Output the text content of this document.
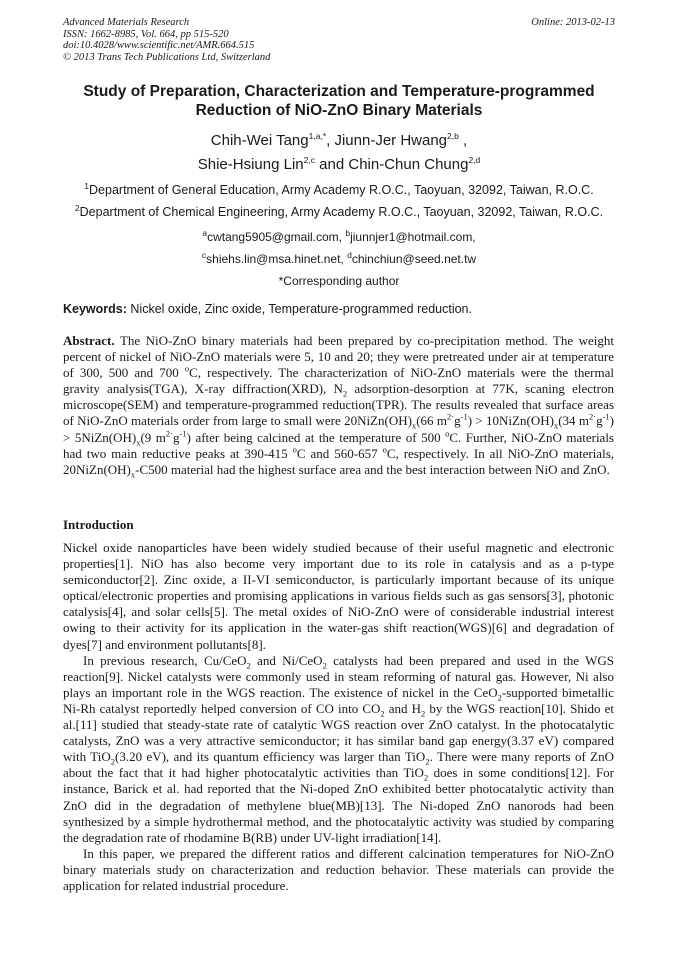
Advanced Materials Research
ISSN: 1662-8985, Vol. 664, pp 515-520
doi:10.4028/www.scientific.net/AMR.664.515
© 2013 Trans Tech Publications Ltd, Switzerland
Online: 2013-02-13
Study of Preparation, Characterization and Temperature-programmed
Reduction of NiO-ZnO Binary Materials
Chih-Wei Tang$^{1,a,*}$, Jiunn-Jer Hwang$^{2,b}$ ,
Shie-Hsiung Lin$^{2,c}$ and Chin-Chun Chung$^{2,d}$
$^1$Department of General Education, Army Academy R.O.C., Taoyuan, 32092, Taiwan, R.O.C.
$^2$Department of Chemical Engineering, Army Academy R.O.C., Taoyuan, 32092, Taiwan, R.O.C.
$^a$cwtang5905@gmail.com, $^b$jiunnjer1@hotmail.com,
$^c$shiehs.lin@msa.hinet.net, $^d$chinchiun@seed.net.tw
*Corresponding author
Keywords: Nickel oxide, Zinc oxide, Temperature-programmed reduction.

Abstract. The NiO-ZnO binary materials had been prepared by co-precipitation method. The weight percent of nickel of NiO-ZnO materials were 5, 10 and 20; they were pretreated under air at temperature of 300, 500 and 700 $^o$C, respectively. The characterization of NiO-ZnO materials were the thermal gravity analysis(TGA), X-ray diffraction(XRD), $N_2$ adsorption-desorption at 77K, scaning electron microscope(SEM) and temperature-programmed reduction(TPR). The results revealed that surface areas of NiO-ZnO materials order from large to small were $20NiZn(OH)_x(66$ $m^{2\cdot}g^{-1}$) > $10NiZn(OH)_x(34$ $m^{2\cdot}g^{-1}$) > $5NiZn(OH)_x(9$ $m^{2\cdot}g^{-1}$) after being calcined at the temperature of 500 $^o$C. Further, NiO-ZnO materials had two main reductive peaks at 390-415 $^o$C and 560-657 $^o$C, respectively. In all NiO-ZnO materials, $20NiZn(OH)_x-C500$ material had the highest surface area and the best interaction between NiO and ZnO.

Introduction

Nickel oxide nanoparticles have been widely studied because of their useful magnetic and electronic properties[1]. NiO has also become very important due to its role in catalysis and as a p-type semiconductor[2]. Zinc oxide, a II-VI semiconductor, is particularly important because of its unique optical/electronic properties and promising applications in various fields such as gas sensors[3], photonic catalysis[4], and solar cells[5]. The metal oxides of NiO-ZnO were of considerable industrial interest owing to their activity for its application in the water-gas shift reaction(WGS)[6] and degradation of dyes[7] and environment pollutants[8].

In previous research, Cu/CeO$_2$ and Ni/CeO$_2$ catalysts had been prepared and used in the WGS reaction[9]. Nickel catalysts were commonly used in steam reforming of natural gas. However, Ni also plays an important role in the WGS reaction. The existence of nickel in the CeO$_2$-supported bimetallic Ni-Rh catalyst reportedly helped conversion of CO into $CO_2$ and $H_2$ by the WGS reaction[10]. Shido et al.[11] studied that steady-state rate of catalytic WGS reaction over ZnO catalyst. In the photocatalytic catalysts, ZnO was a very attractive semiconductor; it has similar band gap energy(3.37 eV) compared with TiO$_2$(3.20 eV), and its quantum efficiency was larger than TiO$_2$. There were many reports of ZnO about the fact that it had higher photocatalytic activities than TiO$_2$ does in some conditions[12]. For instance, Barick et al. had reported that the Ni-doped ZnO exhibited better photocatalytic activity than ZnO did in the degradation of methylene blue(MB)[13]. The Ni-doped ZnO nanorods had been synthesized by a simple hydrothermal method, and the photocatalytic activity was studied by comparing the degradation rate of rhodamine B(RB) under UV-light irradiation[14].

In this paper, we prepared the different ratios and different calcination temperatures for NiO-ZnO binary materials study on characterization and reduction behavior. These materials can provide the application for related industrial procedure.
